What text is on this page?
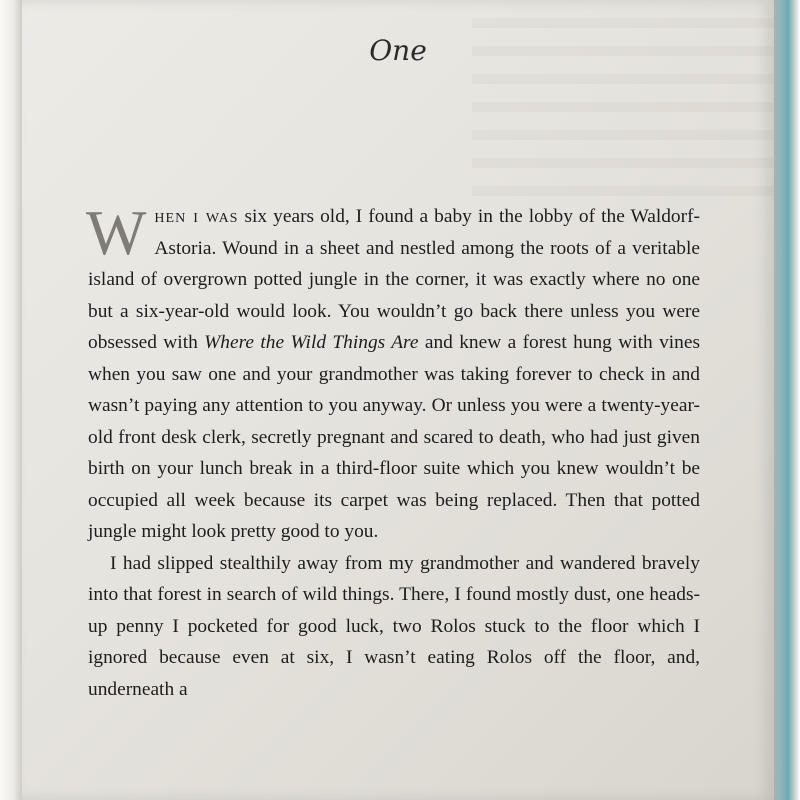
One

When i was six years old, I found a baby in the lobby of the Waldorf-Astoria. Wound in a sheet and nestled among the roots of a veritable island of overgrown potted jungle in the corner, it was exactly where no one but a six-year-old would look. You wouldn’t go back there unless you were obsessed with Where the Wild Things Are and knew a forest hung with vines when you saw one and your grandmother was taking forever to check in and wasn’t paying any attention to you anyway. Or unless you were a twenty-year-old front desk clerk, secretly pregnant and scared to death, who had just given birth on your lunch break in a third-floor suite which you knew wouldn’t be occupied all week because its carpet was being replaced. Then that potted jungle might look pretty good to you.

I had slipped stealthily away from my grandmother and wandered bravely into that forest in search of wild things. There, I found mostly dust, one heads-up penny I pocketed for good luck, two Rolos stuck to the floor which I ignored because even at six, I wasn’t eating Rolos off the floor, and, underneath a
